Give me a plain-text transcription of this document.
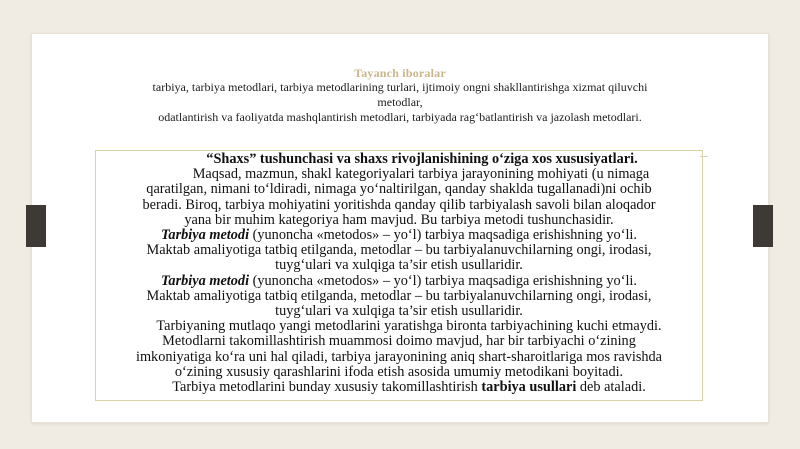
Tayanch iboralar
tarbiya, tarbiya metodlari, tarbiya metodlarining turlari, ijtimoiy ongni shakllantirishga xizmat qiluvchi
metodlar,
odatlantirish va faoliyatda mashqlantirish metodlari, tarbiyada rag‘batlantirish va jazolash metodlari.
“Shaxs” tushunchasi va shaxs rivojlanishining o‘ziga xos xususiyatlari.
Maqsad, mazmun, shakl kategoriyalari tarbiya jarayonining mohiyati (u nimaga
qaratilgan, nimani to‘ldiradi, nimaga yo‘naltirilgan, qanday shaklda tugallanadi)ni ochib
beradi. Biroq, tarbiya mohiyatini yoritishda qanday qilib tarbiyalash savoli bilan aloqador
yana bir muhim kategoriya ham mavjud. Bu tarbiya metodi tushunchasidir.
Tarbiya metodi (yunoncha «metodos» – yo‘l) tarbiya maqsadiga erishishning yo‘li.
Maktab amaliyotiga tatbiq etilganda, metodlar – bu tarbiyalanuvchilarning ongi, irodasi,
tuyg‘ulari va xulqiga ta’sir etish usullaridir.
Tarbiya metodi (yunoncha «metodos» – yo‘l) tarbiya maqsadiga erishishning yo‘li.
Maktab amaliyotiga tatbiq etilganda, metodlar – bu tarbiyalanuvchilarning ongi, irodasi,
tuyg‘ulari va xulqiga ta’sir etish usullaridir.
Tarbiyaning mutlaqo yangi metodlarini yaratishga bironta tarbiyachining kuchi etmaydi.
Metodlarni takomillashtirish muammosi doimo mavjud, har bir tarbiyachi o‘zining
imkoniyatiga ko‘ra uni hal qiladi, tarbiya jarayonining aniq shart-sharoitlariga mos ravishda
o‘zining xususiy qarashlarini ifoda etish asosida umumiy metodikani boyitadi.
Tarbiya metodlarini bunday xususiy takomillashtirish tarbiya usullari deb ataladi.
